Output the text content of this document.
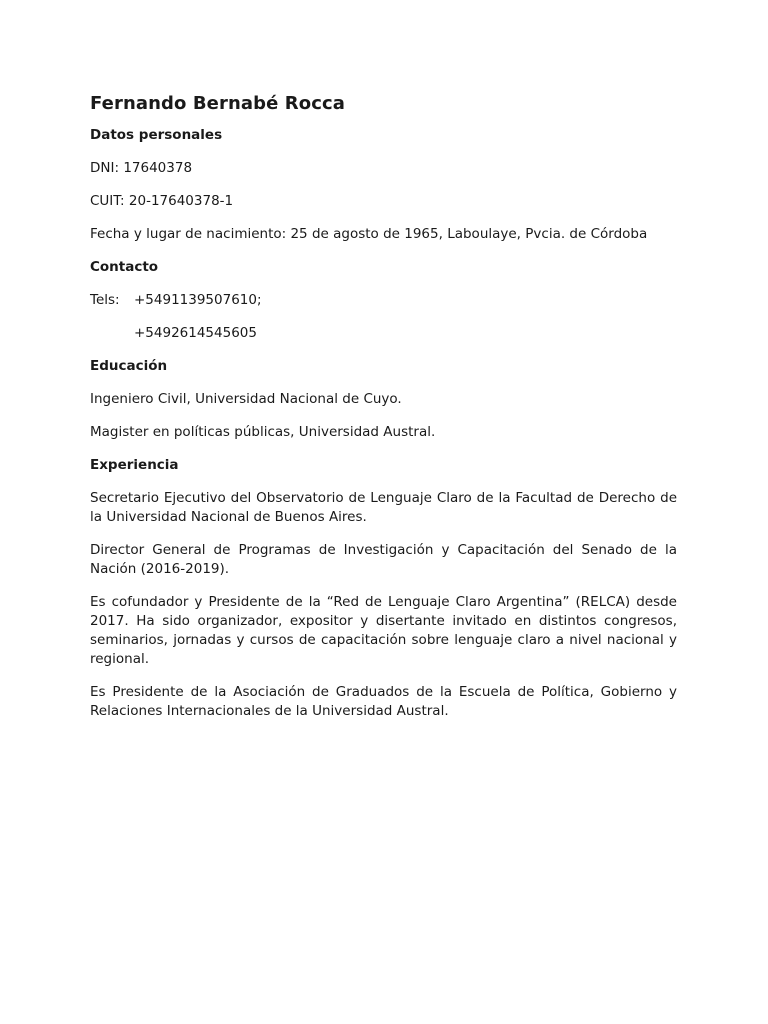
Fernando Bernabé Rocca
Datos personales
DNI: 17640378
CUIT: 20-17640378-1
Fecha y lugar de nacimiento: 25 de agosto de 1965, Laboulaye, Pvcia. de Córdoba
Contacto
Tels:	+5491139507610;
+5492614545605
Educación
Ingeniero Civil, Universidad Nacional de Cuyo.
Magister en políticas públicas, Universidad Austral.
Experiencia
Secretario Ejecutivo del Observatorio de Lenguaje Claro de la Facultad de Derecho de la Universidad Nacional de Buenos Aires.
Director General de Programas de Investigación y Capacitación del Senado de la Nación (2016-2019).
Es cofundador y Presidente de la “Red de Lenguaje Claro Argentina” (RELCA) desde 2017. Ha sido organizador, expositor y disertante invitado en distintos congresos, seminarios, jornadas y cursos de capacitación sobre lenguaje claro a nivel nacional y regional.
Es Presidente de la Asociación de Graduados de la Escuela de Política, Gobierno y Relaciones Internacionales de la Universidad Austral.
